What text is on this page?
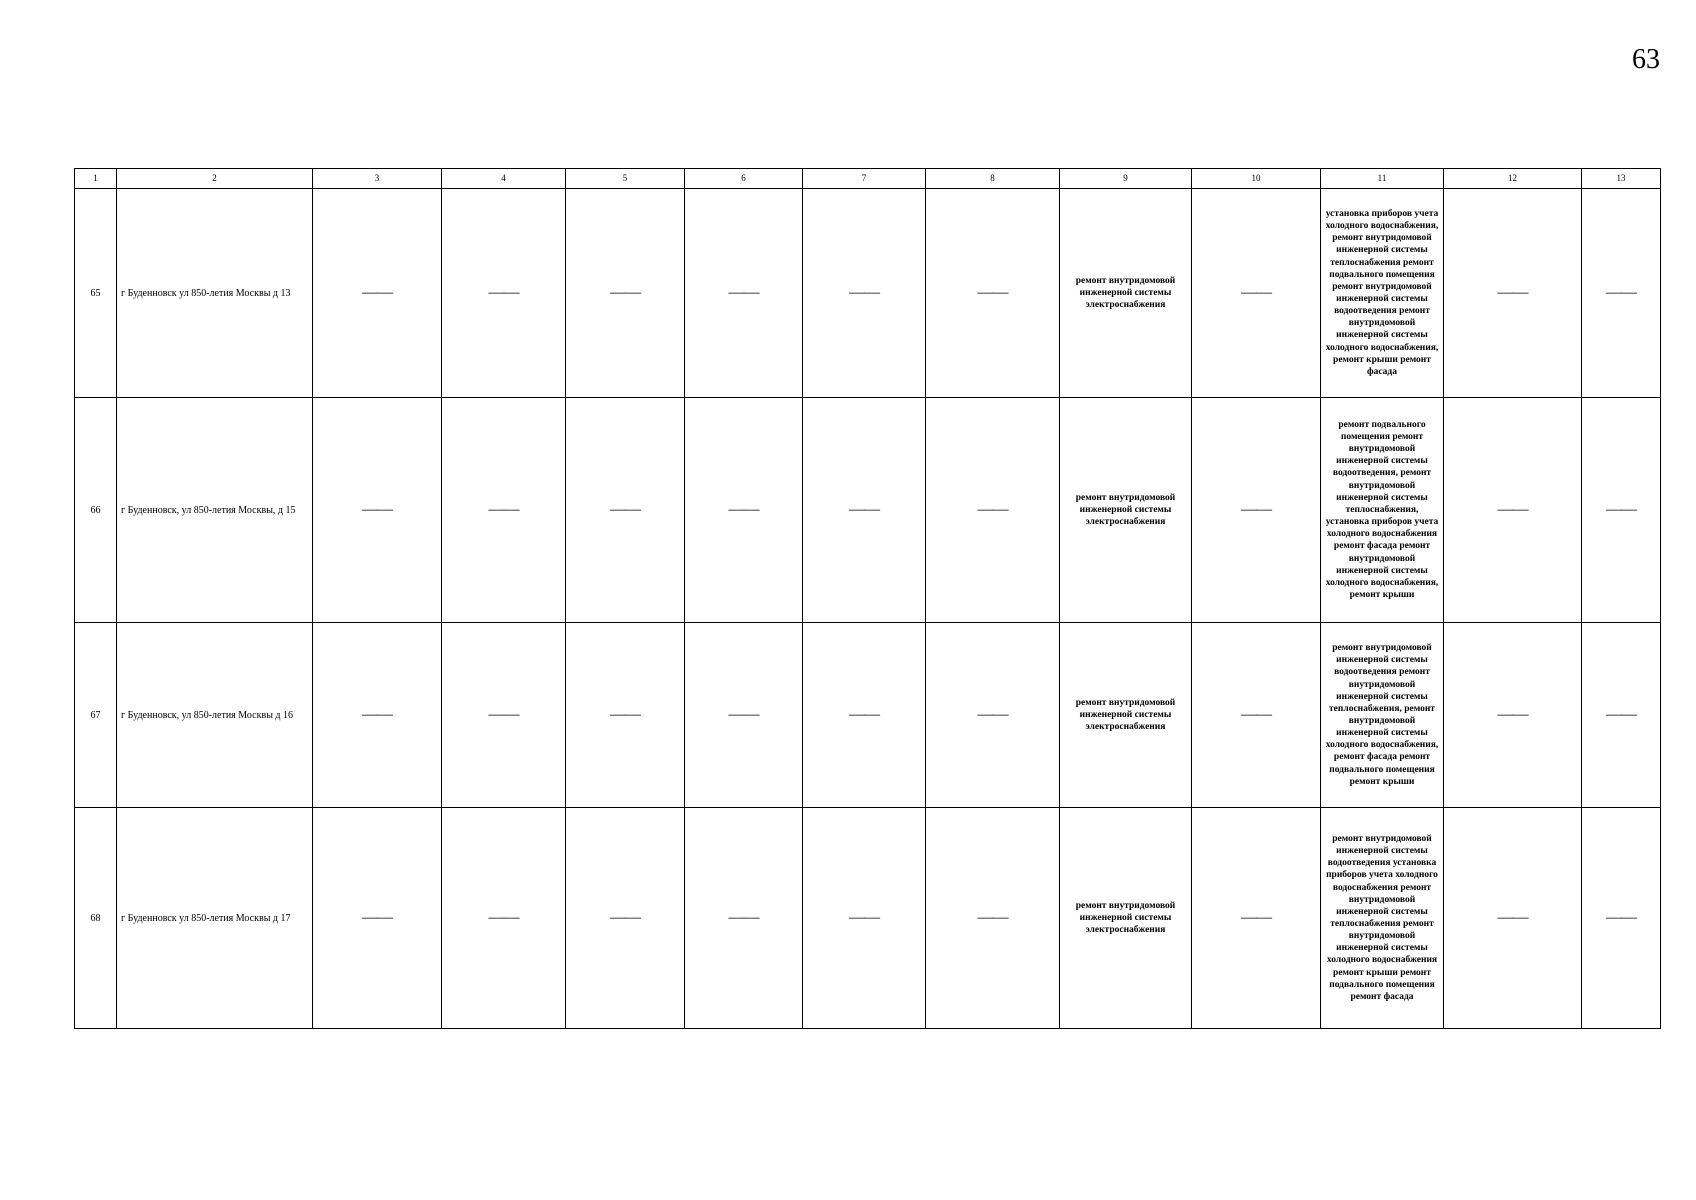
63
1	2	3	4	5	6	7	8	9	10	11	12	13
65	г Буденновск ул 850-летия Москвы д 13	——	——	——	——	——	——	ремонт внутридомовой инженерной системы электроснабжения	——	установка приборов учета холодного водоснабжения, ремонт внутридомовой инженерной системы теплоснабжения ремонт подвального помещения ремонт внутридомовой инженерной системы водоотведения ремонт внутридомовой инженерной системы холодного водоснабжения, ремонт крыши ремонт фасада	——	——
66	г Буденновск, ул 850-летия Москвы, д 15	——	——	——	——	——	——	ремонт внутридомовой инженерной системы электроснабжения	——	ремонт подвального помещения ремонт внутридомовой инженерной системы водоотведения, ремонт внутридомовой инженерной системы теплоснабжения, установка приборов учета холодного водоснабжения ремонт фасада ремонт внутридомовой инженерной системы холодного водоснабжения, ремонт крыши	——	——
67	г Буденновск, ул 850-летия Москвы д 16	——	——	——	——	——	——	ремонт внутридомовой инженерной системы электроснабжения	——	ремонт внутридомовой инженерной системы водоотведения ремонт внутридомовой инженерной системы теплоснабжения, ремонт внутридомовой инженерной системы холодного водоснабжения, ремонт фасада ремонт подвального помещения ремонт крыши	——	——
68	г Буденновск ул 850-летия Москвы д 17	——	——	——	——	——	——	ремонт внутридомовой инженерной системы электроснабжения	——	ремонт внутридомовой инженерной системы водоотведения установка приборов учета холодного водоснабжения ремонт внутридомовой инженерной системы теплоснабжения ремонт внутридомовой инженерной системы холодного водоснабжения ремонт крыши ремонт подвального помещения ремонт фасада	——	——
